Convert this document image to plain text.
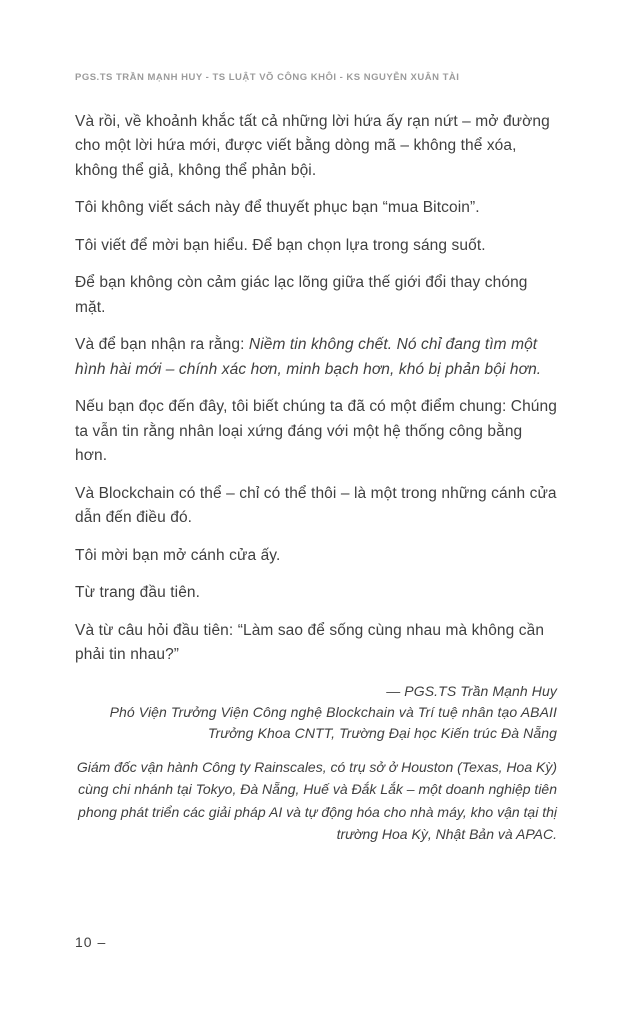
PGS.TS TRẦN MẠNH HUY - TS LUẬT VÕ CÔNG KHÔI - KS NGUYỄN XUÂN TÀI

Và rồi, về khoảnh khắc tất cả những lời hứa ấy rạn nứt – mở đường cho một lời hứa mới, được viết bằng dòng mã – không thể xóa, không thể giả, không thể phản bội.

Tôi không viết sách này để thuyết phục bạn “mua Bitcoin”.

Tôi viết để mời bạn hiểu. Để bạn chọn lựa trong sáng suốt.

Để bạn không còn cảm giác lạc lõng giữa thế giới đổi thay chóng mặt.

Và để bạn nhận ra rằng: Niềm tin không chết. Nó chỉ đang tìm một hình hài mới – chính xác hơn, minh bạch hơn, khó bị phản bội hơn.

Nếu bạn đọc đến đây, tôi biết chúng ta đã có một điểm chung: Chúng ta vẫn tin rằng nhân loại xứng đáng với một hệ thống công bằng hơn.

Và Blockchain có thể – chỉ có thể thôi – là một trong những cánh cửa dẫn đến điều đó.

Tôi mời bạn mở cánh cửa ấy.

Từ trang đầu tiên.

Và từ câu hỏi đầu tiên: “Làm sao để sống cùng nhau mà không cần phải tin nhau?”

— PGS.TS Trần Mạnh Huy

Phó Viện Trưởng Viện Công nghệ Blockchain và Trí tuệ nhân tạo ABAII

Trưởng Khoa CNTT, Trường Đại học Kiến trúc Đà Nẵng

Giám đốc vận hành Công ty Rainscales, có trụ sở ở Houston (Texas, Hoa Kỳ) cùng chi nhánh tại Tokyo, Đà Nẵng, Huế và Đắk Lắk – một doanh nghiệp tiên phong phát triển các giải pháp AI và tự động hóa cho nhà máy, kho vận tại thị trường Hoa Kỳ, Nhật Bản và APAC.
10 –
